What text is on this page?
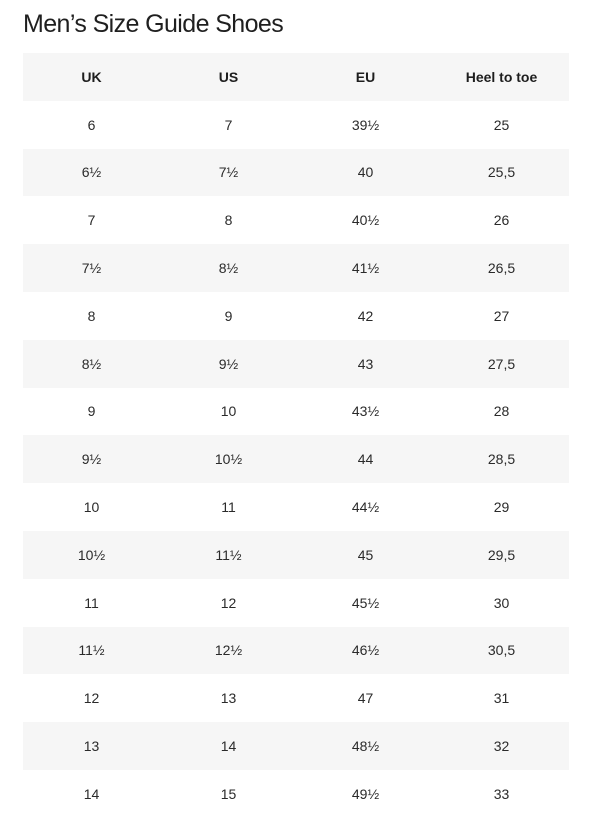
Men’s Size Guide Shoes
UK	US	EU	Heel to toe
6	7	39½	25
6½	7½	40	25,5
7	8	40½	26
7½	8½	41½	26,5
8	9	42	27
8½	9½	43	27,5
9	10	43½	28
9½	10½	44	28,5
10	11	44½	29
10½	11½	45	29,5
11	12	45½	30
11½	12½	46½	30,5
12	13	47	31
13	14	48½	32
14	15	49½	33
